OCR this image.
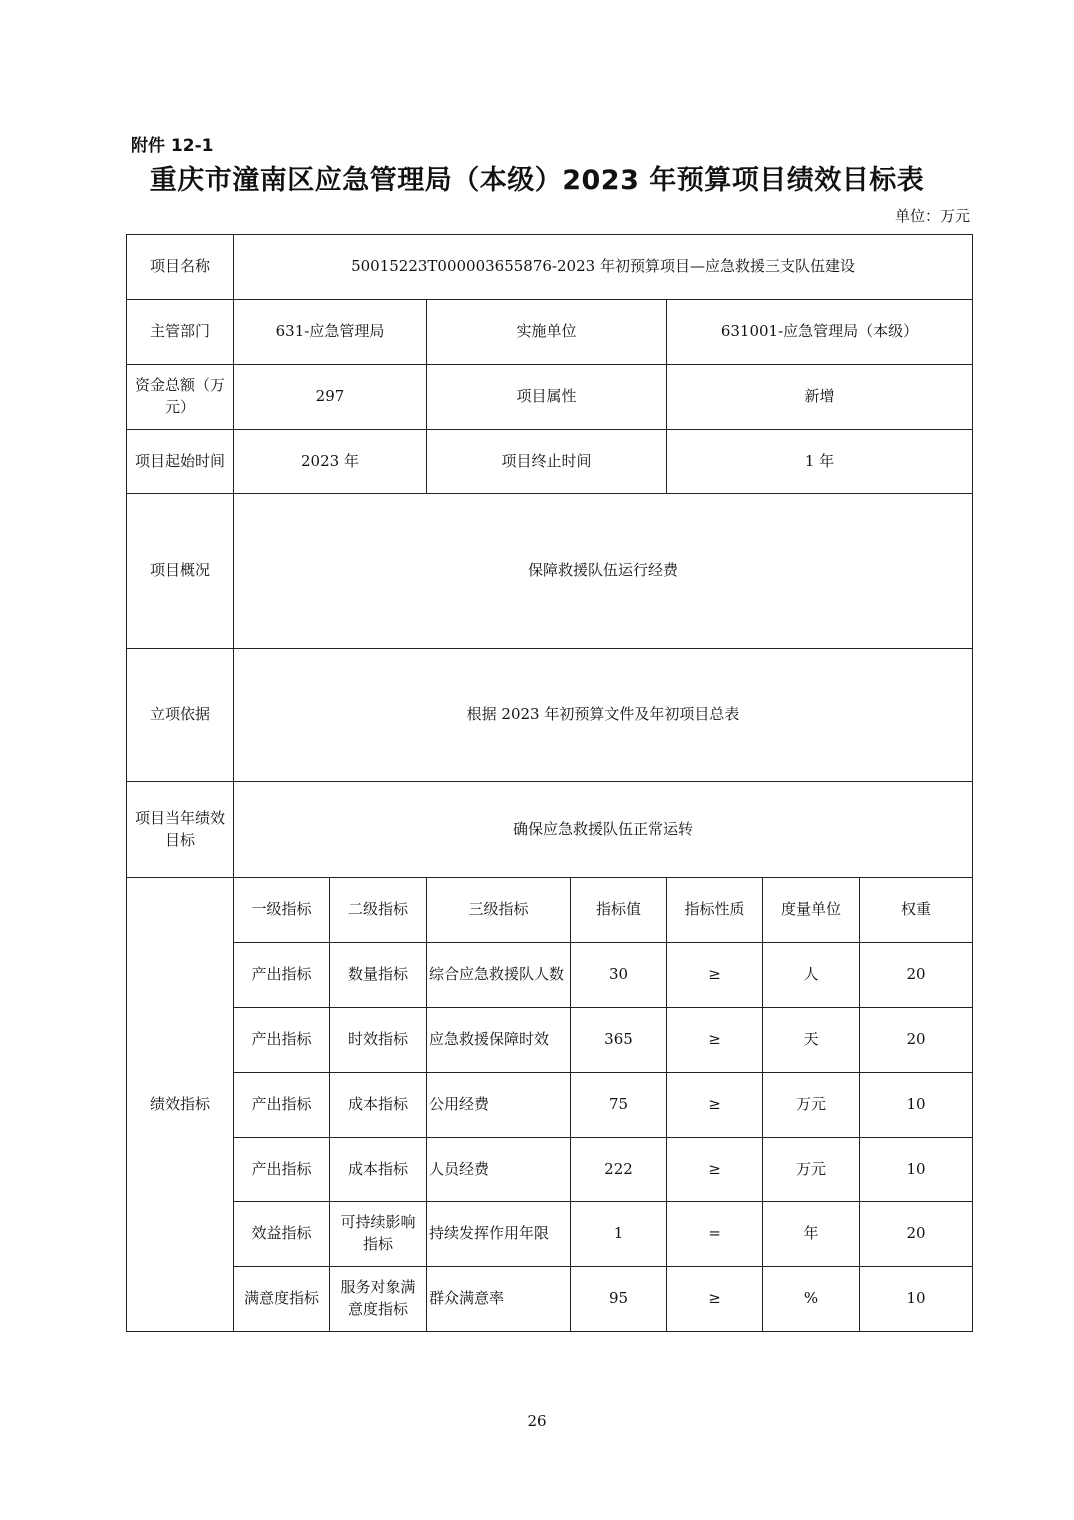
附件 12-1
重庆市潼南区应急管理局（本级）2023 年预算项目绩效目标表
单位：万元
项目名称	50015223T000003655876-2023 年初预算项目—应急救援三支队伍建设						
主管部门	631-应急管理局		实施单位		631001-应急管理局（本级）		
资金总额（万元）	297		项目属性		新增		
项目起始时间	2023 年		项目终止时间		1 年		
项目概况	保障救援队伍运行经费						
立项依据	根据 2023 年初预算文件及年初项目总表						
项目当年绩效目标	确保应急救援队伍正常运转						
绩效指标	一级指标	二级指标	三级指标	指标值	指标性质	度量单位	权重
	产出指标	数量指标	综合应急救援队人数	30	≥	人	20
	产出指标	时效指标	应急救援保障时效	365	≥	天	20
	产出指标	成本指标	公用经费	75	≥	万元	10
	产出指标	成本指标	人员经费	222	≥	万元	10
	效益指标	可持续影响指标	持续发挥作用年限	1	=	年	20
	满意度指标	服务对象满意度指标	群众满意率	95	≥	%	10
26
